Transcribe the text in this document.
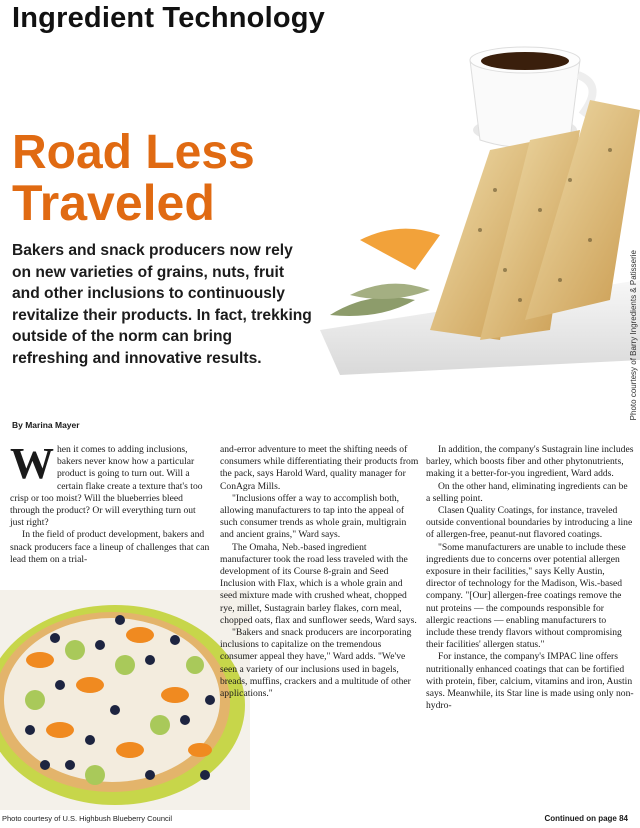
Ingredient Technology
Photo courtesy of Barry Ingredients & Patisserie
Road Less
Traveled
Bakers and snack producers now rely on new varieties of grains, nuts, fruit and other inclusions to continuously revitalize their products. In fact, trekking outside of the norm can bring refreshing and innovative results.
By Marina Mayer

When it comes to adding inclusions, bakers never know how a particular product is going to turn out. Will a certain flake create a texture that's too crisp or too moist? Will the blueberries bleed through the product? Or will everything turn out just right?

In the field of product development, bakers and snack producers face a lineup of challenges that can lead them on a trial-

and-error adventure to meet the shifting needs of consumers while differentiating their products from the pack, says Harold Ward, quality manager for ConAgra Mills.

"Inclusions offer a way to accomplish both, allowing manufacturers to tap into the appeal of such consumer trends as whole grain, multigrain and ancient grains," Ward says.

The Omaha, Neb.-based ingredient manufacturer took the road less traveled with the development of its Course 8-grain and Seed Inclusion with Flax, which is a whole grain and seed mixture made with crushed wheat, chopped rye, millet, Sustagrain barley flakes, corn meal, chopped oats, flax and sunflower seeds, Ward says.

"Bakers and snack producers are incorporating inclusions to capitalize on the tremendous consumer appeal they have," Ward adds. "We've seen a variety of our inclusions used in bagels, breads, muffins, crackers and a multitude of other applications."

In addition, the company's Sustagrain line includes barley, which boosts fiber and other phytonutrients, making it a better-for-you ingredient, Ward adds.

On the other hand, eliminating ingredients can be a selling point.

Clasen Quality Coatings, for instance, traveled outside conventional boundaries by introducing a line of allergen-free, peanut-nut flavored coatings.

"Some manufacturers are unable to include these ingredients due to concerns over potential allergen exposure in their facilities," says Kelly Austin, director of technology for the Madison, Wis.-based company. "[Our] allergen-free coatings remove the nut proteins — the compounds responsible for allergic reactions — enabling manufacturers to include these trendy flavors without compromising their facilities' allergen status."

For instance, the company's IMPAC line offers nutritionally enhanced coatings that can be fortified with protein, fiber, calcium, vitamins and iron, Austin says. Meanwhile, its Star line is made using only non-hydro-

Photo courtesy of U.S. Highbush Blueberry Council	Continued on page 84
